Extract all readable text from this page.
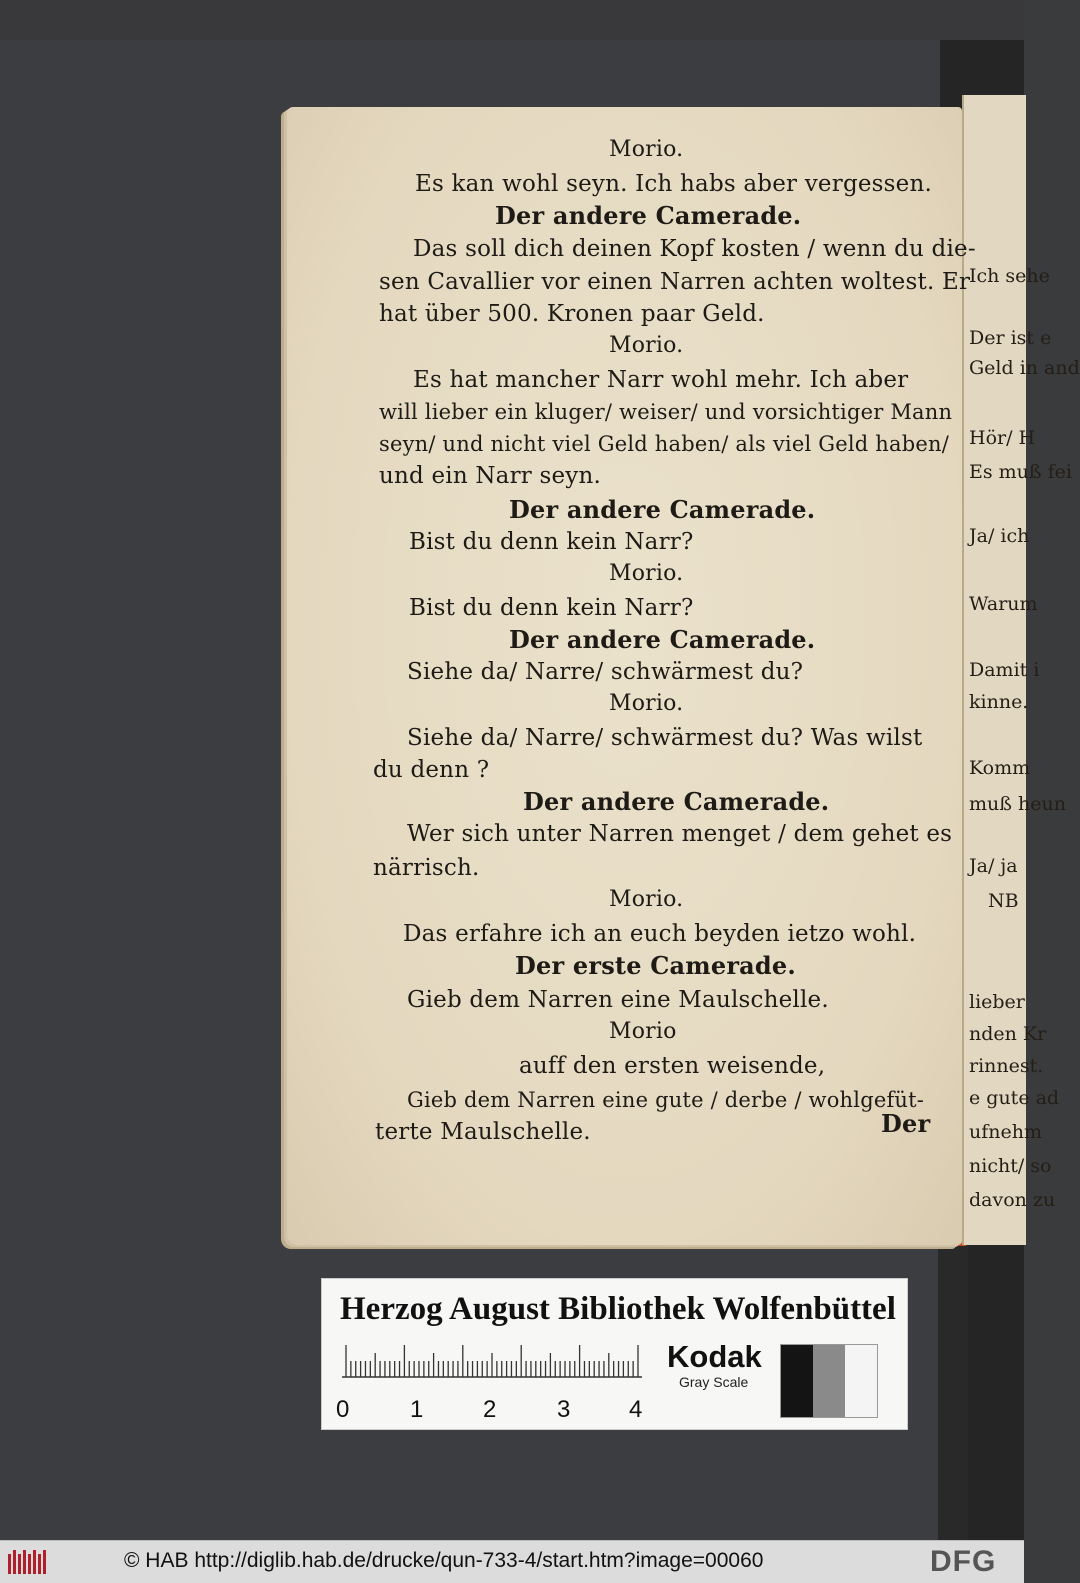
Ich sehe
Der ist e
Geld in and
Hör/ H
Es muß fei
Ja/ ich
Warum
Damit i
kinne.
Komm
muß heun
Ja/ ja
NB
lieber
nden Kr
rinnest.
e gute ad
ufnehm
nicht/ so
davon zu
Morio.
Es kan wohl seyn. Ich habs aber vergessen.
Der andere Camerade.
Das soll dich deinen Kopf kosten / wenn du die-
sen Cavallier vor einen Narren achten woltest. Er
hat über 500. Kronen paar Geld.
Morio.
Es hat mancher Narr wohl mehr. Ich aber
will lieber ein kluger/ weiser/ und vorsichtiger Mann
seyn/ und nicht viel Geld haben/ als viel Geld haben/
und ein Narr seyn.
Der andere Camerade.
Bist du denn kein Narr?
Morio.
Bist du denn kein Narr?
Der andere Camerade.
Siehe da/ Narre/ schwärmest du?
Morio.
Siehe da/ Narre/ schwärmest du? Was wilst
du denn ?
Der andere Camerade.
Wer sich unter Narren menget / dem gehet es
närrisch.
Morio.
Das erfahre ich an euch beyden ietzo wohl.
Der erste Camerade.
Gieb dem Narren eine Maulschelle.
Morio
auff den ersten weisende,
Gieb dem Narren eine gute / derbe / wohlgefüt-
terte Maulschelle.	Der
Herzog August Bibliothek Wolfenbüttel
0	1 2	3 4
Kodak
Gray Scale
© HAB http://diglib.hab.de/drucke/qun-733-4/start.htm?image=00060	DFG
